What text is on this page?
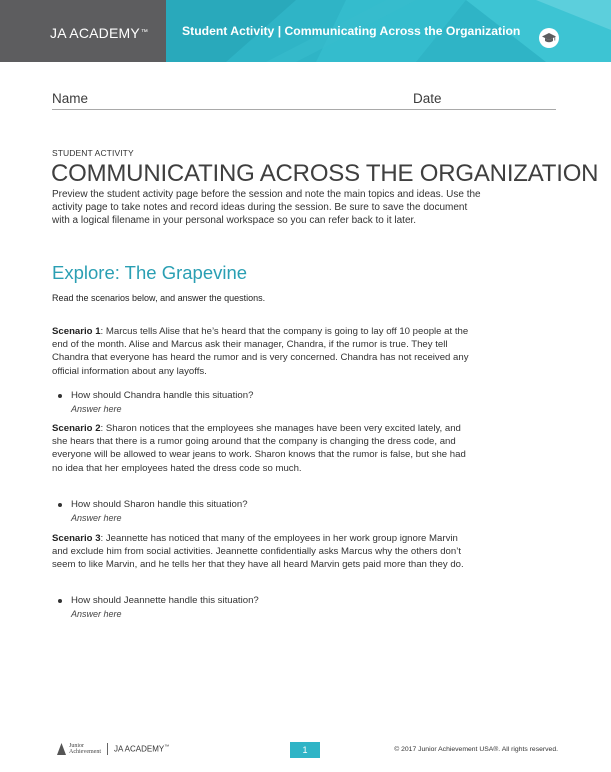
JA ACADEMY™	Student Activity | Communicating Across the Organization
Name	Date
STUDENT ACTIVITY
COMMUNICATING ACROSS THE ORGANIZATION
Preview the student activity page before the session and note the main topics and ideas. Use the activity page to take notes and record ideas during the session. Be sure to save the document with a logical filename in your personal workspace so you can refer back to it later.
Explore: The Grapevine
Read the scenarios below, and answer the questions.
Scenario 1: Marcus tells Alise that he’s heard that the company is going to lay off 10 people at the end of the month. Alise and Marcus ask their manager, Chandra, if the rumor is true. They tell Chandra that everyone has heard the rumor and is very concerned. Chandra has not received any official information about any layoffs.
How should Chandra handle this situation?
Answer here
Scenario 2: Sharon notices that the employees she manages have been very excited lately, and she hears that there is a rumor going around that the company is changing the dress code, and everyone will be allowed to wear jeans to work. Sharon knows that the rumor is false, but she had no idea that her employees hated the dress code so much.
How should Sharon handle this situation?
Answer here
Scenario 3: Jeannette has noticed that many of the employees in her work group ignore Marvin and exclude him from social activities. Jeannette confidentially asks Marcus why the others don’t seem to like Marvin, and he tells her that they have all heard Marvin gets paid more than they do.
How should Jeannette handle this situation?
Answer here
Junior
Achievement JA ACADEMY™	1	© 2017 Junior Achievement USA®. All rights reserved.
